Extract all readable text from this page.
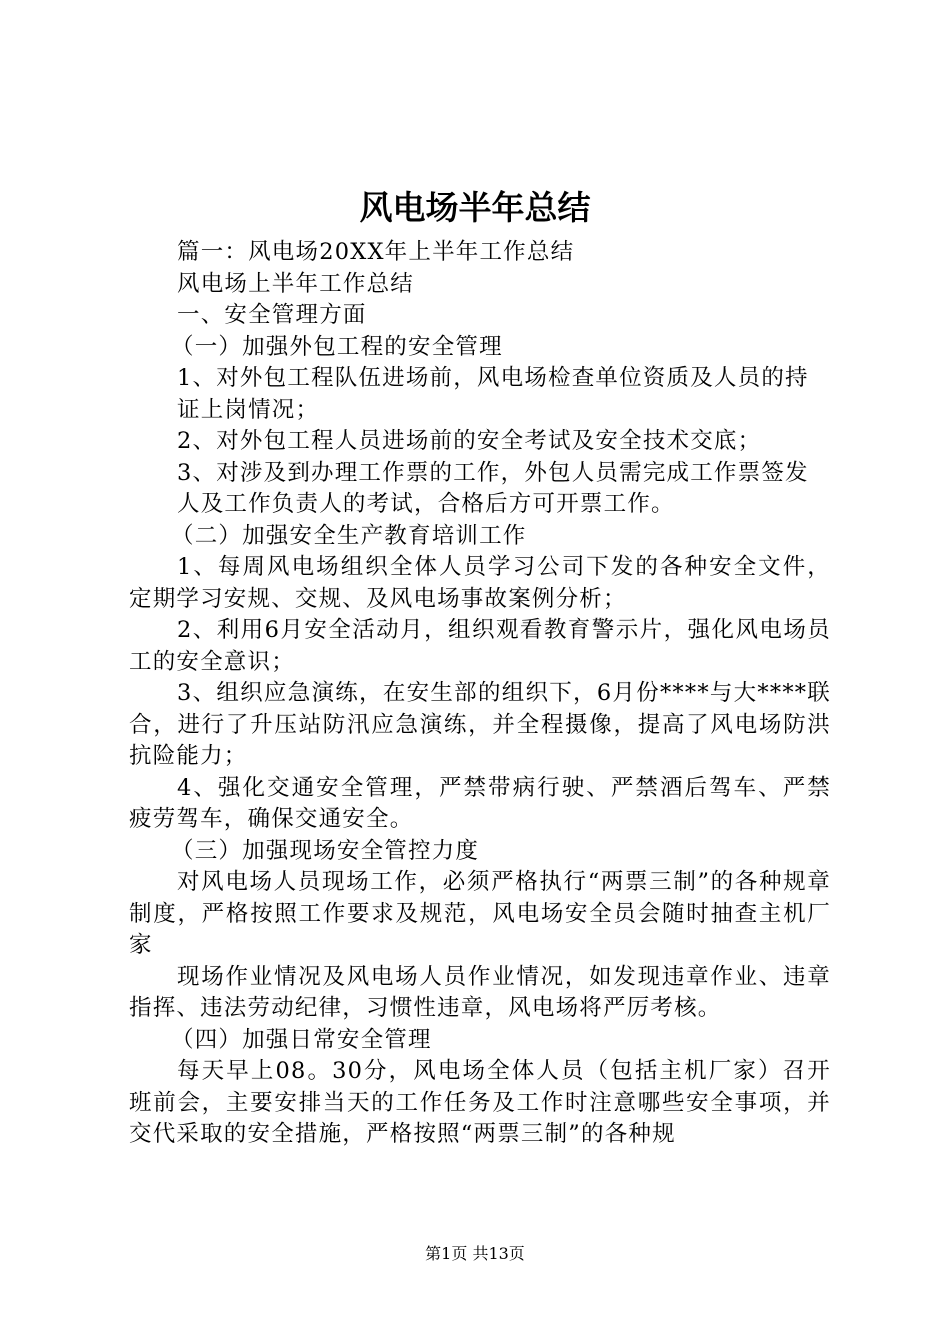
风电场半年总结

篇一：风电场20XX年上半年工作总结

风电场上半年工作总结

一、安全管理方面

（一）加强外包工程的安全管理

1、对外包工程队伍进场前，风电场检查单位资质及人员的持

证上岗情况；

2、对外包工程人员进场前的安全考试及安全技术交底；

3、对涉及到办理工作票的工作，外包人员需完成工作票签发

人及工作负责人的考试，合格后方可开票工作。

（二）加强安全生产教育培训工作

1、每周风电场组织全体人员学习公司下发的各种安全文件，定期学习安规、交规、及风电场事故案例分析；

2、利用6月安全活动月，组织观看教育警示片，强化风电场员工的安全意识；

3、组织应急演练，在安生部的组织下，6月份****与大****联合，进行了升压站防汛应急演练，并全程摄像，提高了风电场防洪抗险能力；

4、强化交通安全管理，严禁带病行驶、严禁酒后驾车、严禁疲劳驾车，确保交通安全。

（三）加强现场安全管控力度

对风电场人员现场工作，必须严格执行“两票三制”的各种规章制度，严格按照工作要求及规范，风电场安全员会随时抽查主机厂家

现场作业情况及风电场人员作业情况，如发现违章作业、违章指挥、违法劳动纪律，习惯性违章，风电场将严厉考核。

（四）加强日常安全管理

每天早上08。30分，风电场全体人员（包括主机厂家）召开班前会，主要安排当天的工作任务及工作时注意哪些安全事项，并交代采取的安全措施，严格按照“两票三制”的各种规

第1页 共13页
